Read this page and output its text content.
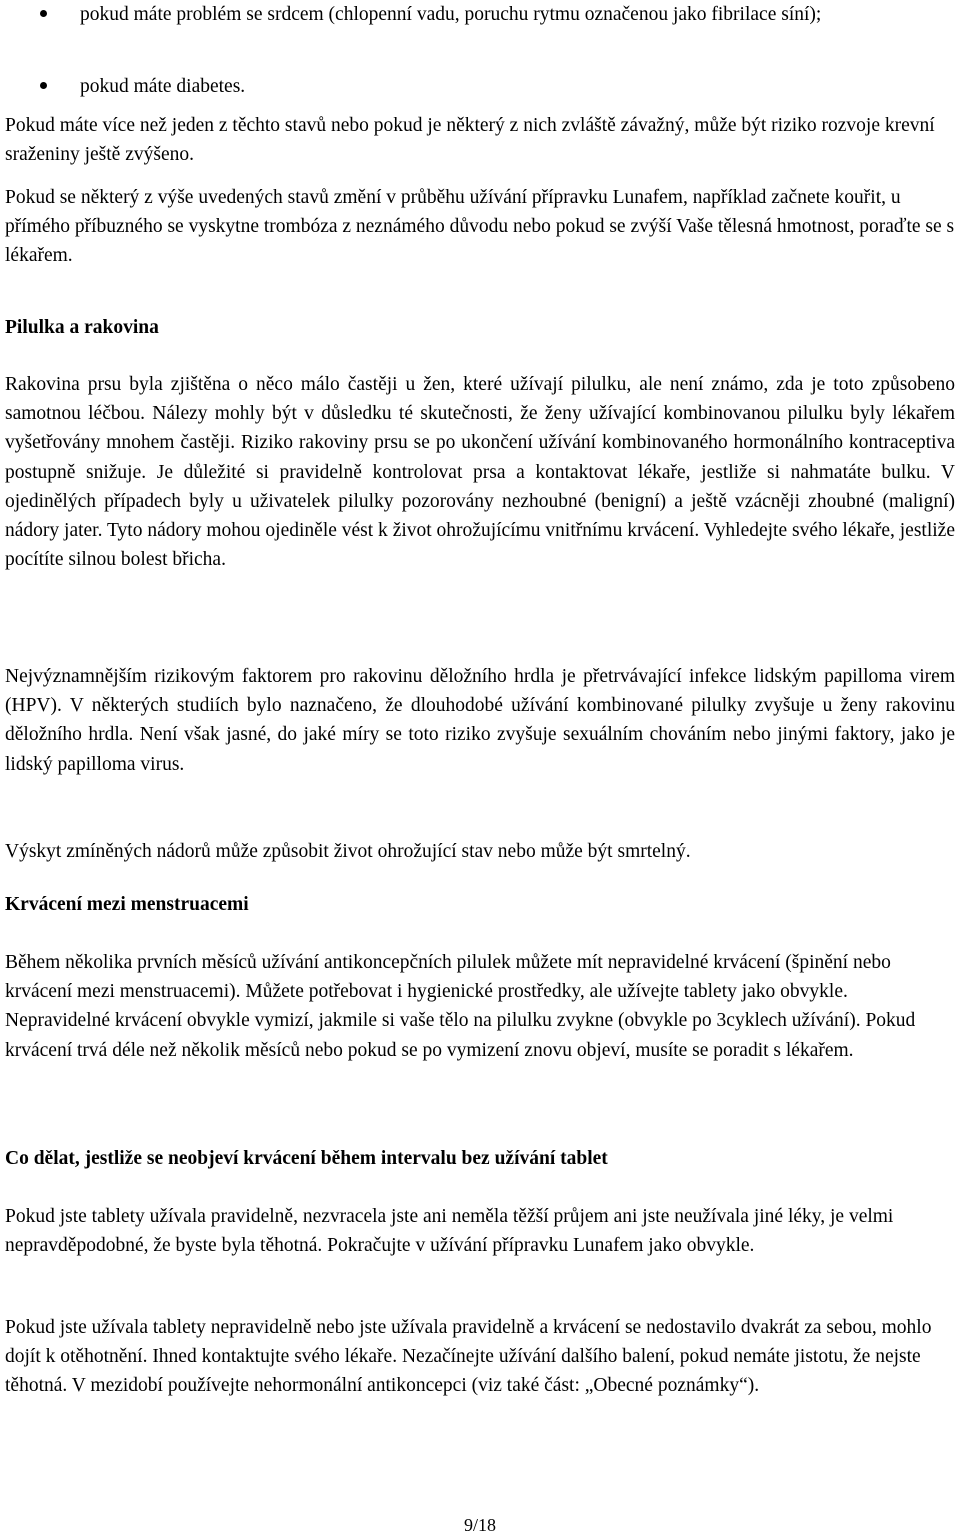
pokud máte problém se srdcem (chlopenní vadu, poruchu rytmu označenou jako fibrilace síní);

pokud máte diabetes.

Pokud máte více než jeden z těchto stavů nebo pokud je některý z nich zvláště závažný, může být riziko rozvoje krevní sraženiny ještě zvýšeno.

Pokud se některý z výše uvedených stavů změní v průběhu užívání přípravku Lunafem, například začnete kouřit, u přímého příbuzného se vyskytne trombóza z neznámého důvodu nebo pokud se zvýší Vaše tělesná hmotnost, poraďte se s lékařem.

Pilulka a rakovina

Rakovina prsu byla zjištěna o něco málo častěji u žen, které užívají pilulku, ale není známo, zda je toto způsobeno samotnou léčbou. Nálezy mohly být v důsledku té skutečnosti, že ženy užívající kombinovanou pilulku byly lékařem vyšetřovány mnohem častěji. Riziko rakoviny prsu se po ukončení užívání kombinovaného hormonálního kontraceptiva postupně snižuje. Je důležité si pravidelně kontrolovat prsa a kontaktovat lékaře, jestliže si nahmatáte bulku. V ojedinělých případech byly u uživatelek pilulky pozorovány nezhoubné (benigní) a ještě vzácněji zhoubné (maligní) nádory jater. Tyto nádory mohou ojediněle vést k život ohrožujícímu vnitřnímu krvácení. Vyhledejte svého lékaře, jestliže pocítíte silnou bolest břicha.

Nejvýznamnějším rizikovým faktorem pro rakovinu děložního hrdla je přetrvávající infekce lidským papilloma virem (HPV). V některých studiích bylo naznačeno, že dlouhodobé užívání kombinované pilulky zvyšuje u ženy rakovinu děložního hrdla. Není však jasné, do jaké míry se toto riziko zvyšuje sexuálním chováním nebo jinými faktory, jako je lidský papilloma virus.

Výskyt zmíněných nádorů může způsobit život ohrožující stav nebo může být smrtelný.

Krvácení mezi menstruacemi

Během několika prvních měsíců užívání antikoncepčních pilulek můžete mít nepravidelné krvácení (špinění nebo krvácení mezi menstruacemi). Můžete potřebovat i hygienické prostředky, ale užívejte tablety jako obvykle. Nepravidelné krvácení obvykle vymizí, jakmile si vaše tělo na pilulku zvykne (obvykle po 3cyklech užívání). Pokud krvácení trvá déle než několik měsíců nebo pokud se po vymizení znovu objeví, musíte se poradit s lékařem.

Co dělat, jestliže se neobjeví krvácení během intervalu bez užívání tablet

Pokud jste tablety užívala pravidelně, nezvracela jste ani neměla těžší průjem ani jste neužívala jiné léky, je velmi nepravděpodobné, že byste byla těhotná. Pokračujte v užívání přípravku Lunafem jako obvykle.

Pokud jste užívala tablety nepravidelně nebo jste užívala pravidelně a krvácení se nedostavilo dvakrát za sebou, mohlo dojít k otěhotnění. Ihned kontaktujte svého lékaře. Nezačínejte užívání dalšího balení, pokud nemáte jistotu, že nejste těhotná. V mezidobí používejte nehormonální antikoncepci (viz také část: „Obecné poznámky“).

9/18
